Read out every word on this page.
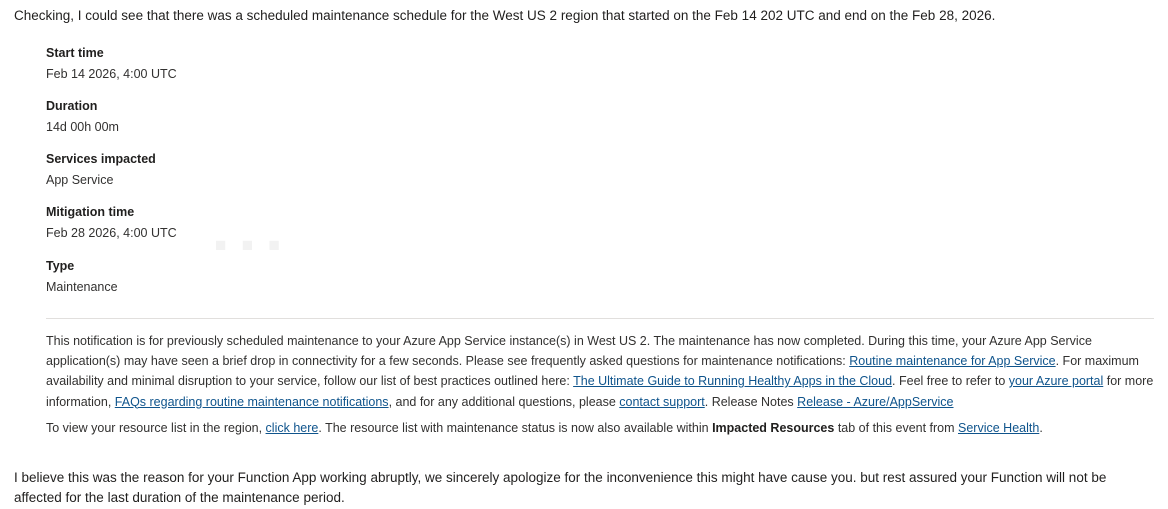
Checking, I could see that there was a scheduled maintenance schedule for the West US 2 region that started on the Feb 14 202 UTC and end on the Feb 28, 2026.

Start time
Feb 14 2026, 4:00 UTC
Duration
14d 00h 00m
Services impacted
App Service
Mitigation time
Feb 28 2026, 4:00 UTC
Type
Maintenance
This notification is for previously scheduled maintenance to your Azure App Service instance(s) in West US 2. The maintenance has now completed. During this time, your Azure App Service application(s) may have seen a brief drop in connectivity for a few seconds. Please see frequently asked questions for maintenance notifications: Routine maintenance for App Service. For maximum availability and minimal disruption to your service, follow our list of best practices outlined here: The Ultimate Guide to Running Healthy Apps in the Cloud. Feel free to refer to your Azure portal for more information, FAQs regarding routine maintenance notifications, and for any additional questions, please contact support. Release Notes Release - Azure/AppService
To view your resource list in the region, click here. The resource list with maintenance status is now also available within Impacted Resources tab of this event from Service Health.

I believe this was the reason for your Function App working abruptly, we sincerely apologize for the inconvenience this might have cause you. but rest assured your Function will not be affected for the last duration of the maintenance period.

■ ■ ■
